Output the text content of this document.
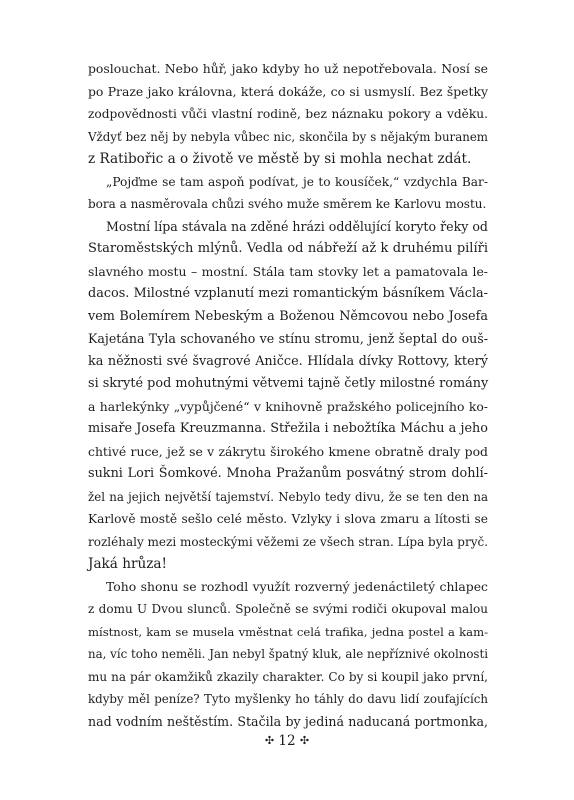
poslouchat. Nebo hůř, jako kdyby ho už nepotřebovala. Nosí se
po Praze jako královna, která dokáže, co si usmyslí. Bez špetky
zodpovědnosti vůči vlastní rodině, bez náznaku pokory a vděku.
Vždyť bez něj by nebyla vůbec nic, skončila by s nějakým buranem
z Ratibořic a o životě ve městě by si mohla nechat zdát.
„Pojďme se tam aspoň podívat, je to kousíček,“ vzdychla Bar-
bora a nasměrovala chůzi svého muže směrem ke Karlovu mostu.
Mostní lípa stávala na zděné hrázi oddělující koryto řeky od
Staroměstských mlýnů. Vedla od nábřeží až k druhému pilíři
slavného mostu – mostní. Stála tam stovky let a pamatovala le-
dacos. Milostné vzplanutí mezi romantickým básníkem Václa-
vem Bolemírem Nebeským a Boženou Němcovou nebo Josefa
Kajetána Tyla schovaného ve stínu stromu, jenž šeptal do ouš-
ka něžnosti své švagrové Aničce. Hlídala dívky Rottovy, který
si skryté pod mohutnými větvemi tajně četly milostné romány
a harlekýnky „vypůjčené“ v knihovně pražského policejního ko-
misaře Josefa Kreuzmanna. Střežila i nebožtíka Máchu a jeho
chtivé ruce, jež se v zákrytu širokého kmene obratně draly pod
sukni Lori Šomkové. Mnoha Pražanům posvátný strom dohlí-
žel na jejich největší tajemství. Nebylo tedy divu, že se ten den na
Karlově mostě sešlo celé město. Vzlyky i slova zmaru a lítosti se
rozléhaly mezi mosteckými věžemi ze všech stran. Lípa byla pryč.
Jaká hrůza!
Toho shonu se rozhodl využít rozverný jedenáctiletý chlapec
z domu U Dvou slunců. Společně se svými rodiči okupoval malou
místnost, kam se musela vměstnat celá trafika, jedna postel a kam-
na, víc toho neměli. Jan nebyl špatný kluk, ale nepříznivé okolnosti
mu na pár okamžiků zkazily charakter. Co by si koupil jako první,
kdyby měl peníze? Tyto myšlenky ho táhly do davu lidí zoufajících
nad vodním neštěstím. Stačila by jediná naducaná portmonka,
✣ 12 ✣
